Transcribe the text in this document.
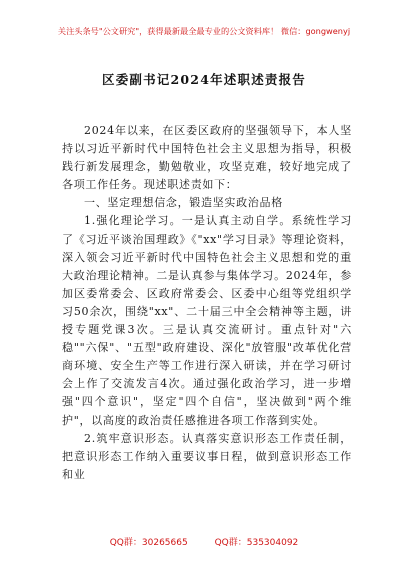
关注头条号"公文研究"，获得最新最全最专业的公文资料库！ 微信：gongwenyj
区委副书记2024年述职述责报告

2024年以来，在区委区政府的坚强领导下，本人坚持以习近平新时代中国特色社会主义思想为指导，积极践行新发展理念，勤勉敬业，攻坚克难，较好地完成了各项工作任务。现述职述责如下：

一、坚定理想信念，锻造坚实政治品格

1.强化理论学习。一是认真主动自学。系统性学习了《习近平谈治国理政》《"xx"学习目录》等理论资料，深入领会习近平新时代中国特色社会主义思想和党的重大政治理论精神。二是认真参与集体学习。2024年，参加区委常委会、区政府常委会、区委中心组等党组织学习50余次，围绕"xx"、二十届三中全会精神等主题，讲授专题党课3次。三是认真交流研讨。重点针对"六稳""六保"、"五型"政府建设、深化"放管服"改革优化营商环境、安全生产等工作进行深入研读，并在学习研讨会上作了交流发言4次。通过强化政治学习，进一步增强"四个意识"，坚定"四个自信"，坚决做到"两个维护"，以高度的政治责任感推进各项工作落到实处。

2.筑牢意识形态。认真落实意识形态工作责任制，把意识形态工作纳入重要议事日程，做到意识形态工作和业

QQ群：30265665	QQ群：535304092
